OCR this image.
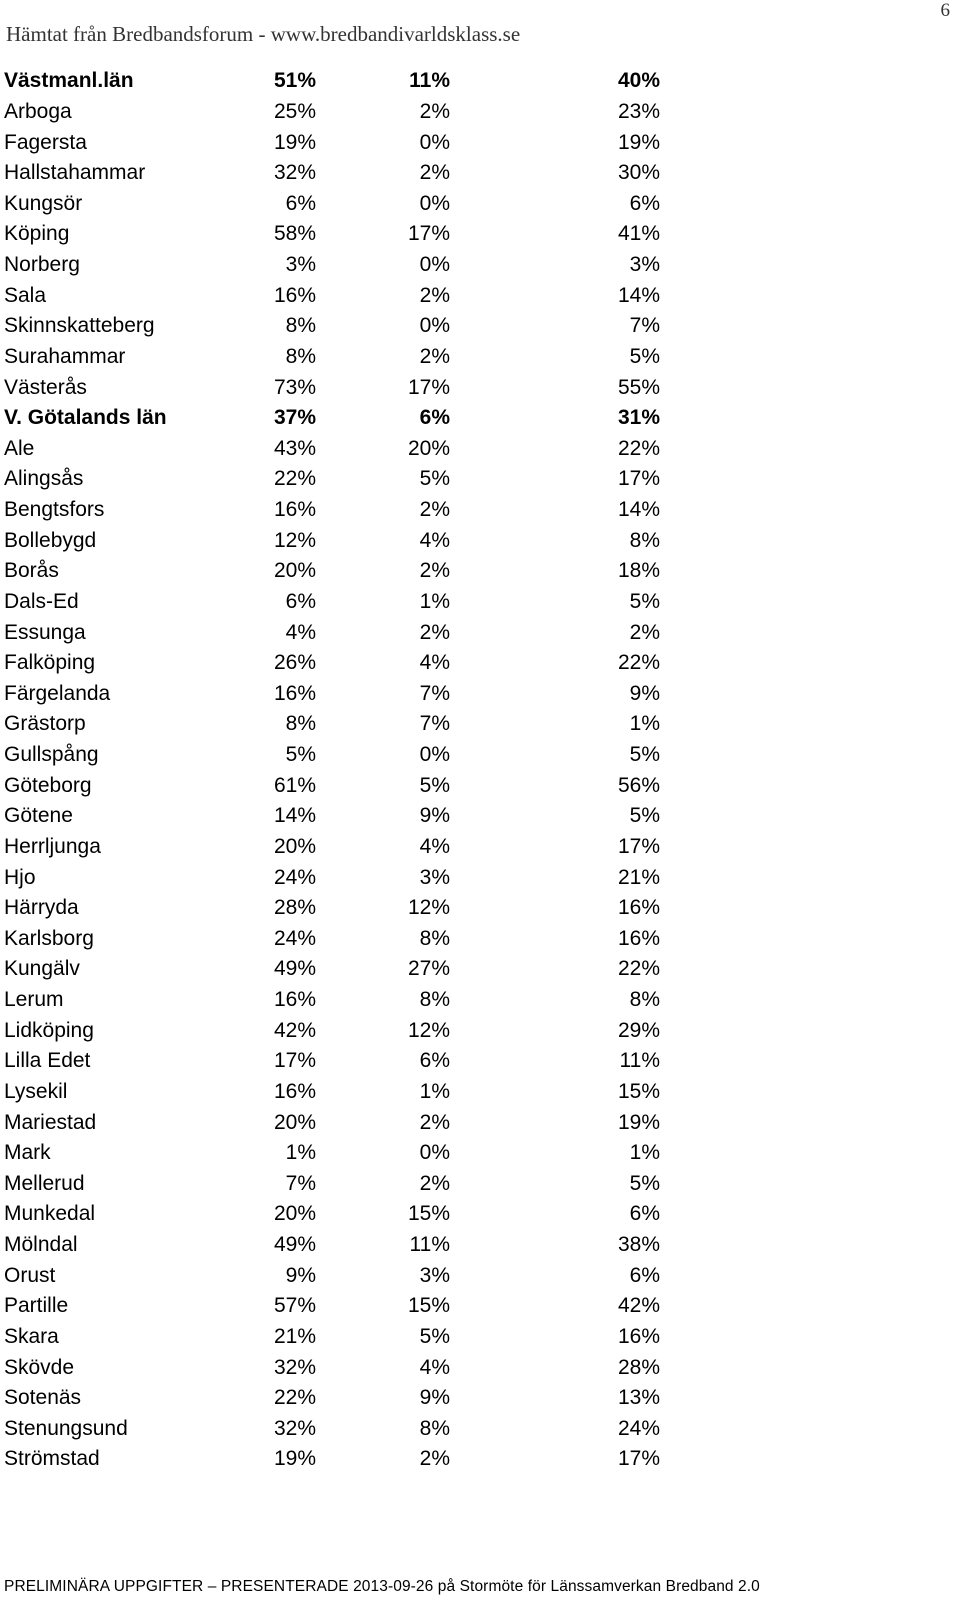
Hämtat från Bredbandsforum - www.bredbandivarldsklass.se
6
Västmanl.län	51%	11%	40%
Arboga	25%	2%	23%
Fagersta	19%	0%	19%
Hallstahammar	32%	2%	30%
Kungsör	6%	0%	6%
Köping	58%	17%	41%
Norberg	3%	0%	3%
Sala	16%	2%	14%
Skinnskatteberg	8%	0%	7%
Surahammar	8%	2%	5%
Västerås	73%	17%	55%
V. Götalands län	37%	6%	31%
Ale	43%	20%	22%
Alingsås	22%	5%	17%
Bengtsfors	16%	2%	14%
Bollebygd	12%	4%	8%
Borås	20%	2%	18%
Dals-Ed	6%	1%	5%
Essunga	4%	2%	2%
Falköping	26%	4%	22%
Färgelanda	16%	7%	9%
Grästorp	8%	7%	1%
Gullspång	5%	0%	5%
Göteborg	61%	5%	56%
Götene	14%	9%	5%
Herrljunga	20%	4%	17%
Hjo	24%	3%	21%
Härryda	28%	12%	16%
Karlsborg	24%	8%	16%
Kungälv	49%	27%	22%
Lerum	16%	8%	8%
Lidköping	42%	12%	29%
Lilla Edet	17%	6%	11%
Lysekil	16%	1%	15%
Mariestad	20%	2%	19%
Mark	1%	0%	1%
Mellerud	7%	2%	5%
Munkedal	20%	15%	6%
Mölndal	49%	11%	38%
Orust	9%	3%	6%
Partille	57%	15%	42%
Skara	21%	5%	16%
Skövde	32%	4%	28%
Sotenäs	22%	9%	13%
Stenungsund	32%	8%	24%
Strömstad	19%	2%	17%
PRELIMINÄRA UPPGIFTER – PRESENTERADE 2013-09-26 på Stormöte för Länssamverkan Bredband 2.0
